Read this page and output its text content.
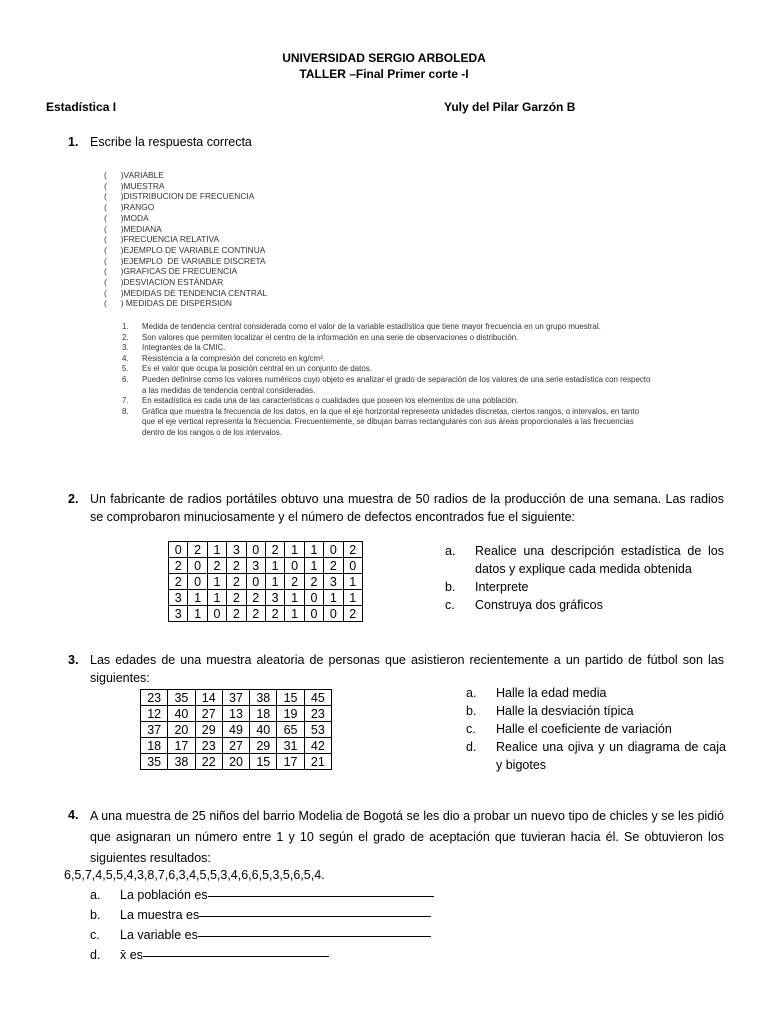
UNIVERSIDAD SERGIO ARBOLEDA
TALLER –Final Primer corte -I
Estadística I	Yuly del Pilar Garzón B
1. Escribe la respuesta correcta
(      )VARIABLE
(      )MUESTRA
(      )DISTRIBUCION DE FRECUENCIA
(      )RANGO
(      )MODA
(      )MEDIANA
(      )FRECUENCIA RELATIVA
(      )EJEMPLO DE VARIABLE CONTINUA
(      )EJEMPLO  DE VARIABLE DISCRETA
(      )GRAFICAS DE FRECUENCIA
(      )DESVIACION ESTÁNDAR
(      )MEDIDAS DE TENDENCIA CENTRAL
(      ) MEDIDAS DE DISPERSION
1.	Medida de tendencia central considerada como el valor de la variable estadística que tiene mayor frecuencia en un grupo muestral.
2.	Son valores que permiten localizar el centro de la información en una serie de observaciones o distribución.
3.	Integrantes de la CMIC.
4.	Resistencia a la compresión del concreto en kg/cm².
5.	Es el valor que ocupa la posición central en un conjunto de datos.
6.	Pueden definirse como los valores numéricos cuyo objeto es analizar el grado de separación de los valores de una serie estadística con respecto a las medidas de tendencia central consideradas.
7.	En estadística es cada una de las características o cualidades que poseen los elementos de una población.
8.	Gráfica que muestra la frecuencia de los datos, en la que el eje horizontal representa unidades discretas, ciertos rangos, o intervalos, en tanto que el eje vertical representa la frecuencia. Frecuentemente, se dibujan barras rectangulares con sus áreas proporcionales a las frecuencias dentro de los rangos o de los intervalos.
2. Un fabricante de radios portátiles obtuvo una muestra de 50 radios de la producción de una semana. Las radios se comprobaron minuciosamente y el número de defectos encontrados fue el siguiente:
0	2	1	3	0	2	1	1	0	2
2	0	2	2	3	1	0	1	2	0
2	0	1	2	0	1	2	2	3	1
3	1	1	2	2	3	1	0	1	1
3	1	0	2	2	2	1	0	0	2
a.	Realice una descripción estadística de los datos y explique cada medida obtenida
b.	Interprete
c.	Construya dos gráficos
3. Las edades de una muestra aleatoria de personas que asistieron recientemente a un partido de fútbol son las siguientes:
23	35	14	37	38	15	45
12	40	27	13	18	19	23
37	20	29	49	40	65	53
18	17	23	27	29	31	42
35	38	22	20	15	17	21
a.	Halle la edad media
b.	Halle la desviación típica
c.	Halle el coeficiente de variación
d.	Realice una ojiva y un diagrama de caja y bigotes
4. A una muestra de 25 niños del barrio Modelia de Bogotá se les dio a probar un nuevo tipo de chicles y se les pidió que asignaran un número entre 1 y 10 según el grado de aceptación que tuvieran hacia él. Se obtuvieron los siguientes resultados:
6,5,7,4,5,5,4,3,8,7,6,3,4,5,5,3,4,6,6,5,3,5,6,5,4.
a.	La población es
b.	La muestra es
c.	La variable es
d.	x̄ es
